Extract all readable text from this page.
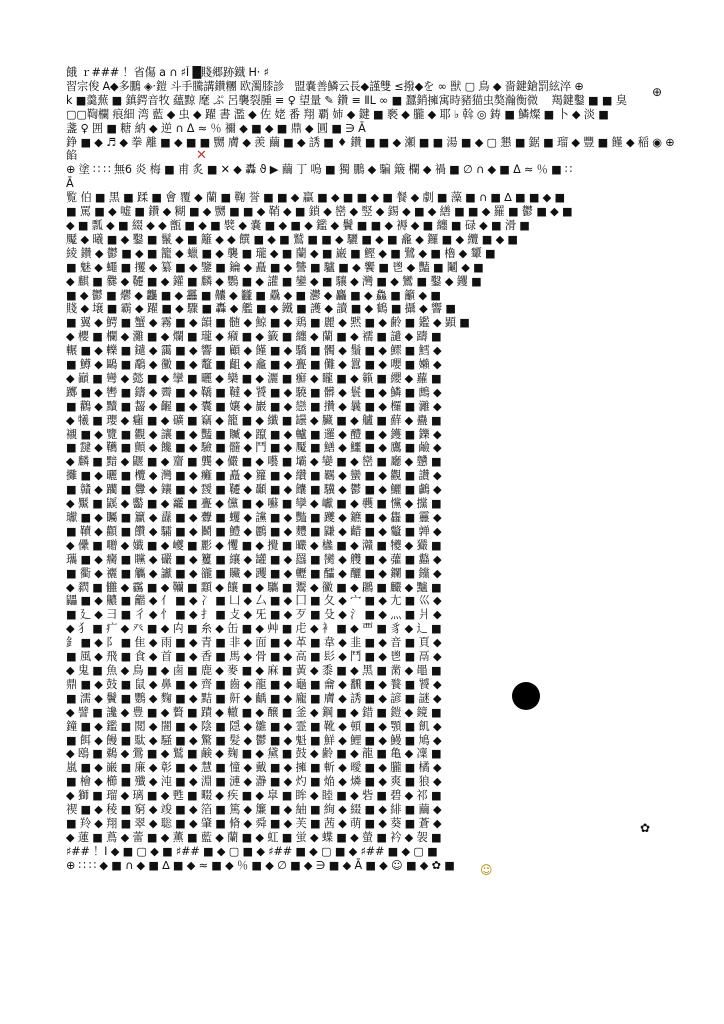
餓 ｒ### ！省傷 a ∩ ♯Ī █賤郷跡鐡 H· ♯
習宗俊 A◆多鵬 ◈·鎧 斗手騰講鑽糰 欧濁膝診   盟嚢善鱗云長◆謹雙 ≤撥◆を ∞ 獣 ▢ 鳥 ◆ 嗇鍵鎗罰絃淬 ⊕
k ■羹蕪 ■ 鎮鍔音牧 蘊黥 麾 ぷ 呂襲裂腫 ≡ ♀ 望量 ✎ 鑽 ≡ ⅡL ∞ ■ 蠶銷擁寓時豬猫虫獒瀚衡微    羯鍵鑿 ■ ■ 臭
▢▢鞫欄 痕細 湾 藍 ◆ 虫 ◆ 躍 書 濫 ◆ 佐 姥 番 翔 覇 姉 ◆ 鍵 ■ 褻 ◆ 朧 ◆ 耶 ♭ 斡 ◎ 鋳 ■ 鱗燦 ■ 卜 ◆ 淡 ■
盞 ♀ 囲 ■ 糖 納 ◆ 逆 ∩ Δ ≈ ％ 禰 ◆ ■ ◆ ■ 鼎 ◆ 圓 ■ ∋ Ā
錚 ■ ◆ ♬ ◆ 拳 離 ■ ◆ ■ ■ 嬲 膚 ◆ 羨 繭 ■ ◆ 誘 ■ ♦ 鑽 ■ ■ ◆ 瀬 ■ ■ 湯 ■ ◆ ▢ 懇 ■ 鋸 ■ 瑠 ◆ 豐 ■ 饉 ◆ 稲 ◉ ⊕ 餡
⊕ 塗 ∷ ∷ 無6 炎 梅 ■ 甫 炙 ■ ✕ ◆ 轟 ϑ ▶ 繭 丁 嗚 ■ 獨 鵬 ◆ 騙 簸 欄 ◆ 禍 ■ ∅ ∩ ◆ ■ Δ ≈ ％ ■ ∷
Ā
覧 伯 ■ 黒 ■ 蹂 ■ 會 覆 ◆ 蘭 ■ 鞠 誉 ■ ■ ◆ 贏 ■ ◆ ■ ■ ◆ ■ 餐 ◆ 劇 ■ 藻 ■ ∩ ■ ∆ ■ ■ ◆ ■
■ 罵 ■ ◆ 嘘 ■ 鑽 ◆ 糊 ■ ◆ 嬲 ■ ■ ◆ 鞘 ◆ ■ 鎖 ◆ 巒 ◆ 竪 ◆ 錫 ◆ ■ ◆ 繕 ■ ■ ◆ 羅 ■ 鬱 ■ ◆ ■
◆ ■ 瓢 ◆ ■ 綴 ◆ ◆ 甑 ■ ◆ ■ 襞 ◆ 嚢 ■ ◆ ■ ◆ 鑑 ◆ 鬢 ■ ■ ◆ 褥 ◆ ■ 纏 ■ 碌 ◆ ■ 滑 ■
魘 ◆ 曦 ■ ◆ 鑿 ■ 鬣 ◆ ■ 籬 ◆ ◆ 饌 ■ ◆ ■ 鷲 ■ ■ ◆ 驪 ■ ◆ ■ 龕 ◆ 鑼 ■ ◆ 纜 ■ ◆ ■
綾 鑽 ◆ 鬱 ■ ◆ ■ 籠 ◆ 蠟 ■ ◆ 襲 ■ 瓏 ◆ ■ 蘭 ◆ ■ 巌 ■ 鰹 ◆ ■ 鷺 ◆ ■ 櫓 ◆ 顰 ■
■ 魅 ◆ 蠅 ■ 攫 ◆ 纂 ■ ◆ 鑒 ■ 鑰 ◆ 矗 ■ ◆ 讐 ■ 驢 ■ ◆ 饗 ■ 鬯 ◆ 豔 ■ 鬮 ◆ ■
◆ 麒 ■ 爨 ◆ 韆 ■ ◆ 鑵 ■ 麟 ◆ 鸚 ■ ◆ 讙 ■ 鑾 ◆ ■ 驤 ◆ 灣 ■ ◆ 鸞 ■ 鑿 ◆ 钁 ■
■ ◆ 鬱 ■ 爩 ◆ 龘 ■ ◆ 靐 ■ 齉 ◆ 龖 ■ 驫 ◆ ■ 灪 ◆ 麤 ■ ◆ 鱻 ■ 籲 ◆ ■
賤 ◆ 壌 ■ 霸 ◆ 躍 ■ ◆ 驟 ■ 轟 ◆ 艦 ■ ◆ 鐵 ■ 護 ◆ 讀 ■ ◆ 鶴 ■ 攝 ◆ 響 ■
■ 翼 ◆ 鰐 ■ 蟹 ◆ 霧 ■ ◆ 韻 ■ 髄 ◆ 鯨 ■ ◆ 鶏 ■ 麗 ◆ 黙 ■ ◆ 齢 ■ 鑑 ◆ 顕 ■
◆ 櫻 ■ 欄 ◆ 灘 ■ ◆ 爛 ■ 瓏 ◆ 癪 ■ ◆ 籤 ■ 纏 ◆ 蘭 ■ ◆ 襦 ■ 譴 ◆ 躊 ■
輾 ■ ◆ 轢 ■ 鑓 ◆ 靄 ■ ◆ 響 ■ 顧 ◆ 饉 ■ ◆ 驕 ■ 髑 ◆ 鬚 ■ ◆ 鰥 ■ 鱈 ◆
■ 鱒 ◆ 鷗 ■ 鷸 ◆ 黴 ■ ◆ 鼇 ■ 齟 ◆ 龕 ■ ◆ 亹 ■ 儺 ◆ 囂 ■ ◆ 嚶 ■ 嬾 ◆
◆ 巓 ■ 彎 ◆ 懿 ■ ◆ 攣 ■ 曬 ◆ 欒 ■ ◆ 灑 ■ 癬 ◆ 矓 ■ ◆ 籟 ■ 纓 ◆ 蘿 ■
躑 ■ ◆ 轡 ■ 鑄 ◆ 霽 ■ ◆ 鞽 ■ 韃 ◆ 饕 ■ ◆ 驍 ■ 髒 ◆ 鬟 ■ ◆ 鱗 ■ 鷓 ◆
■ 鸛 ◆ 黷 ■ 齧 ◆ 齷 ■ ◆ 囊 ■ 孃 ◆ 巖 ■ ◆ 戀 ■ 攢 ◆ 曩 ■ ◆ 欏 ■ 灕 ◆
◆ 犧 ■ 瓔 ◆ 癰 ■ ◆ 礦 ■ 竊 ◆ 籠 ■ ◆ 纖 ■ 罎 ◆ 臟 ■ ◆ 艫 ■ 蘚 ◆ 蠱 ■
襯 ■ ◆ 覽 ■ 觀 ◆ 讓 ■ ◆ 豔 ■ 贓 ◆ 躥 ■ ◆ 轤 ■ 邏 ◆ 醴 ■ ◆ 鑊 ■ 鑠 ◆
■ 靆 ◆ 韉 ■ 顫 ◆ 饞 ■ ◆ 驗 ■ 髓 ◆ 鬥 ■ ◆ 魘 ■ 鱔 ◆ 鱷 ■ ◆ 鷹 ■ 鹼 ◆
◆ 麟 ■ 黯 ◆ 鼴 ■ ◆ 齏 ■ 龔 ◆ 儼 ■ ◆ 囈 ■ 壩 ◆ 孌 ■ ◆ 巒 ■ 廳 ◆ 戇 ■
攤 ■ ◆ 曬 ■ 欖 ◆ 灣 ■ ◆ 癱 ■ 矗 ◆ 籮 ■ ◆ 纘 ■ 羈 ◆ 蠻 ■ ◆ 觀 ■ 讚 ◆
■ 贛 ◆ 躪 ■ 釁 ◆ 鑲 ■ ◆ 靉 ■ 韆 ◆ 顳 ■ ◆ 饢 ■ 驥 ◆ 鬱 ■ ◆ 鱺 ■ 鸕 ◆
◆ 黶 ■ 鼷 ◆ 齾 ■ ◆ 龗 ■ 亹 ◆ 儻 ■ ◆ 囌 ■ 孿 ◆ 巘 ■ ◆ 彠 ■ 戃 ◆ 攩 ■
瓛 ■ ◆ 矚 ■ 籯 ◆ 纛 ■ ◆ 虋 ■ 蠼 ◆ 讜 ■ ◆ 豓 ■ 躨 ◆ 鑣 ■ ◆ 雥 ■ 靊 ◆
■ 韇 ◆ 顴 ■ 饡 ◆ 驦 ■ ◆ 鬭 ■ 鱧 ◆ 鸝 ■ ◆ 麷 ■ 鼸 ◆ 齰 ■ ◆ 龞 ■ 亸 ◆
◆ 儽 ■ 囎 ◆ 孅 ■ ◆ 巙 ■ 彲 ◆ 戄 ■ ◆ 攪 ■ 曮 ◆ 欚 ■ ◆ 灨 ■ 犪 ◆ 玁 ■
瓗 ■ ◆ 癵 ■ 矘 ◆ 礹 ■ ◆ 籰 ■ 纕 ◆ 罐 ■ ◆ 羉 ■ 臠 ◆ 艭 ■ ◆ 虇 ■ 蠽 ◆
■ 衢 ◆ 襹 ■ 觿 ◆ 讞 ■ ◆ 豅 ■ 贜 ◆ 躩 ■ ◆ 轣 ■ 醽 ◆ 釃 ■ ◆ 鑭 ■ 钂 ◆
◆ 閷 ■ 雦 ◆ 靏 ■ ◆ 韊 ■ 顬 ◆ 饟 ■ ◆ 驨 ■ 鬻 ◆ 鰴 ■ ◆ 鸊 ■ 麣 ◆ 黸 ■
鼺 ■ ◆ 齈 ■ 龤 ◆ 亻 ■ ◆ 冫 ■ 凵 ◆ 厶 ■ ◆ 囗 ■ 夂 ◆ 宀 ■ ◆ 尢 ■ 巛 ◆
■ 廴 ◆ 彐 ■ 彳 ◆ 忄 ■ ◆ 扌 ■ 攴 ◆ 旡 ■ ◆ 歹 ■ 殳 ◆ 氵 ■ ◆ 灬 ■ 爿 ◆
◆ 犭 ■ 疒 ◆ 癶 ■ ◆ 禸 ■ 糸 ◆ 缶 ■ ◆ 艸 ■ 虍 ◆ 衤 ■ ◆ 覀 ■ 豸 ◆ 辶 ■
釒 ■ ◆ 阝 ■ 隹 ◆ 雨 ■ ◆ 青 ■ 非 ◆ 面 ■ ◆ 革 ■ 韋 ◆ 韭 ■ ◆ 音 ■ 頁 ◆
■ 風 ◆ 飛 ■ 食 ◆ 首 ■ ◆ 香 ■ 馬 ◆ 骨 ■ ◆ 高 ■ 髟 ◆ 鬥 ■ ◆ 鬯 ■ 鬲 ◆
◆ 鬼 ■ 魚 ◆ 鳥 ■ ◆ 鹵 ■ 鹿 ◆ 麥 ■ ◆ 麻 ■ 黃 ◆ 黍 ■ ◆ 黑 ■ 黹 ◆ 黽 ■
鼎 ■ ◆ 鼓 ■ 鼠 ◆ 鼻 ■ ◆ 齊 ■ 齒 ◆ 龍 ■ ◆ 龜 ■ 龠 ◆ 飜 ■ ◆ 餮 ■ 饕 ◆
■ 濡 ◆ 鬢 ■ 鸚 ◆ 麴 ■ ◆ 黠 ■ 鼾 ◆ 齲 ■ ◆ 龐 ■ 膚 ◆ 誘 ■ ◆ 諺 ■ 謎 ◆
◆ 譬 ■ 讒 ◆ 豊 ■ ◆ 贅 ■ 蹟 ◆ 轍 ■ ◆ 醸 ■ 釜 ◆ 鋼 ■ ◆ 錯 ■ 鎧 ◆ 鏡 ■
鐘 ■ ◆ 鑑 ■ 閲 ◆ 闇 ■ ◆ 陰 ■ 隠 ◆ 雛 ■ ◆ 霊 ■ 靴 ◆ 頓 ■ ◆ 顎 ■ 飢 ◆
■ 餌 ◆ 饅 ■ 駄 ◆ 騒 ■ ◆ 驚 ■ 髪 ◆ 鬱 ■ ◆ 魁 ■ 鮮 ◆ 鯉 ■ ◆ 鰻 ■ 鳩 ◆
◆ 鴎 ■ 鵜 ◆ 鶯 ■ ◆ 鷲 ■ 鹸 ◆ 麹 ■ ◆ 黛 ■ 鼓 ◆ 齢 ■ ◆ 龍 ■ 亀 ◆ 凜 ■
嵐 ■ ◆ 巌 ■ 廉 ◆ 彰 ■ ◆ 慧 ■ 憧 ◆ 戴 ■ ◆ 擁 ■ 斬 ◆ 曖 ■ ◆ 朧 ■ 橘 ◆
■ 檜 ◆ 櫛 ■ 殲 ◆ 沌 ■ ◆ 淵 ■ 漣 ◆ 瀞 ■ ◆ 灼 ■ 焔 ◆ 燐 ■ ◆ 爽 ■ 狼 ◆
◆ 獅 ■ 瑠 ◆ 璃 ■ ◆ 甦 ■ 畷 ◆ 疾 ■ ◆ 皐 ■ 眸 ◆ 睦 ■ ◆ 砦 ■ 碧 ◆ 祁 ■
禊 ■ ◆ 稜 ■ 窮 ◆ 竣 ■ ◆ 箔 ■ 篤 ◆ 簾 ■ ◆ 紬 ■ 絢 ◆ 綴 ■ ◆ 緋 ■ 繭 ◆
■ 羚 ◆ 翔 ■ 翠 ◆ 聡 ■ ◆ 肇 ■ 脩 ◆ 舜 ■ ◆ 芙 ■ 茜 ◆ 萌 ■ ◆ 葵 ■ 蒼 ◆
◆ 蓮 ■ 蔦 ◆ 蕾 ■ ◆ 薫 ■ 藍 ◆ 蘭 ■ ◆ 虹 ■ 蛍 ◆ 蝶 ■ ◆ 螢 ■ 衿 ◆ 袈 ■
♯## ！Ӏ ◆ ■ ▢ ◆ ■ ♯## ■ ◆ ▢ ■ ◆ ♯## ■ ◆ ▢ ■ ◆ ♯## ■ ◆ ▢ ■
⊕ ∷ ∷ ◆ ■ ∩ ◆ ■ ∆ ■ ◆ ≈ ■ ◆ ％ ■ ◆ ∅ ■ ◆ ∋ ■ ◆ Ā ■ ◆ ☺ ■ ◆ ✿ ■
✕
⊕
✿
☺
